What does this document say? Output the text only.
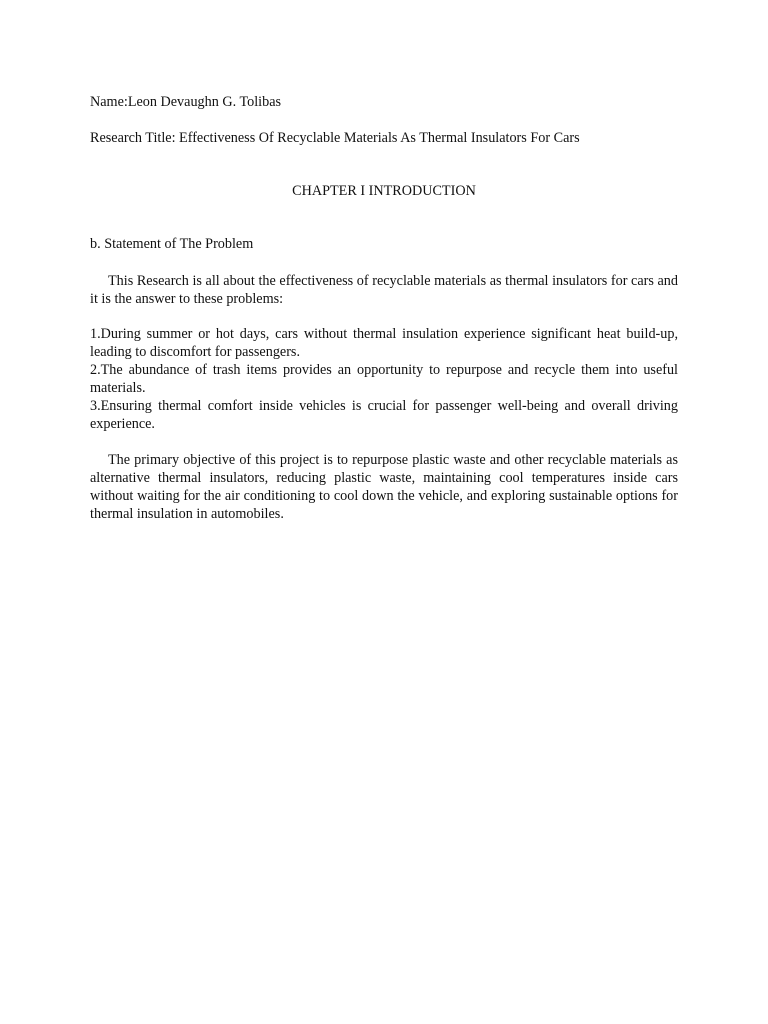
Name:Leon Devaughn G. Tolibas
Research Title: Effectiveness Of Recyclable Materials As Thermal Insulators For Cars
CHAPTER I INTRODUCTION
b. Statement of The Problem

This Research is all about the effectiveness of recyclable materials as thermal insulators for cars and it is the answer to these problems:

1.During summer or hot days, cars without thermal insulation experience significant heat build-up, leading to discomfort for passengers.

2.The abundance of trash items provides an opportunity to repurpose and recycle them into useful materials.

3.Ensuring thermal comfort inside vehicles is crucial for passenger well-being and overall driving experience.

The primary objective of this project is to repurpose plastic waste and other recyclable materials as alternative thermal insulators, reducing plastic waste, maintaining cool temperatures inside cars without waiting for the air conditioning to cool down the vehicle, and exploring sustainable options for thermal insulation in automobiles.
